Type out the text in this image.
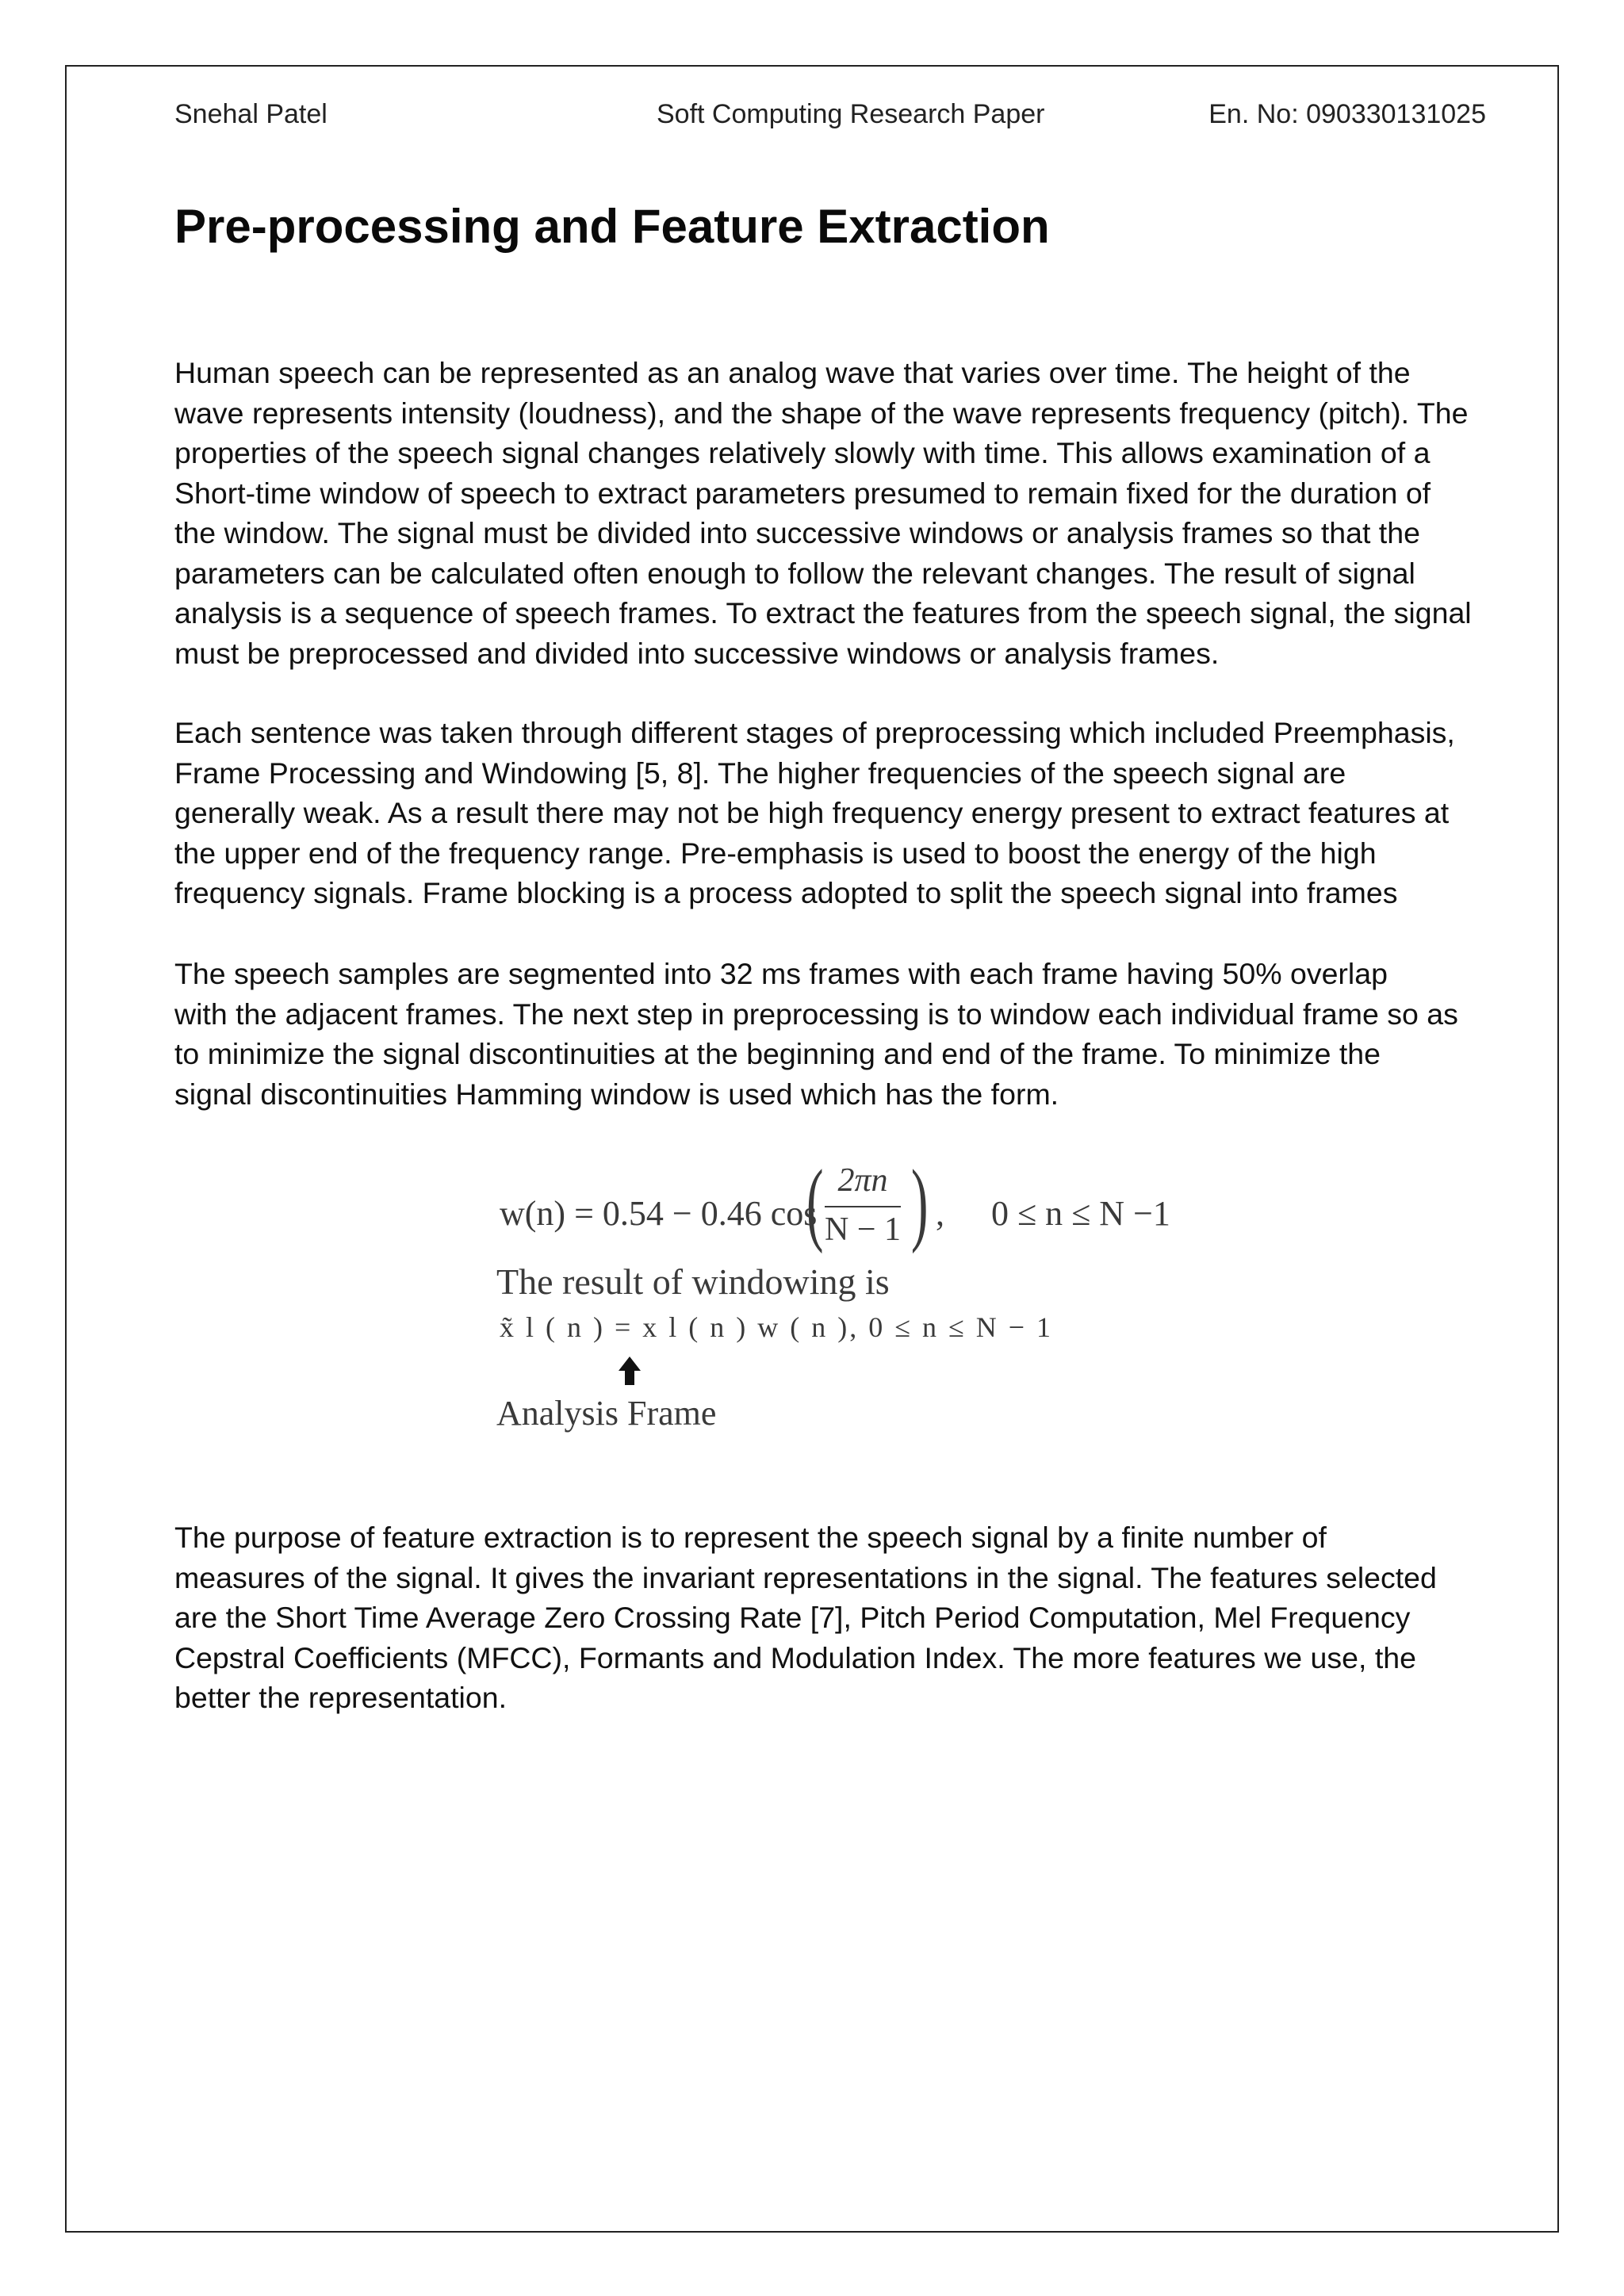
Snehal Patel	Soft Computing Research Paper	En. No: 090330131025
Pre-processing and Feature Extraction

Human speech can be represented as an analog wave that varies over time. The height of the
wave represents intensity (loudness), and the shape of the wave represents frequency (pitch). The
properties of the speech signal changes relatively slowly with time. This allows examination of a
Short-time window of speech to extract parameters presumed to remain fixed for the duration of
the window. The signal must be divided into successive windows or analysis frames so that the
parameters can be calculated often enough to follow the relevant changes. The result of signal
analysis is a sequence of speech frames. To extract the features from the speech signal, the signal
must be preprocessed and divided into successive windows or analysis frames.

Each sentence was taken through different stages of preprocessing which included Preemphasis,
Frame Processing and Windowing [5, 8]. The higher frequencies of the speech signal are
generally weak. As a result there may not be high frequency energy present to extract features at
the upper end of the frequency range. Pre-emphasis is used to boost the energy of the high
frequency signals. Frame blocking is a process adopted to split the speech signal into frames

The speech samples are segmented into 32 ms frames with each frame having 50% overlap
with the adjacent frames. The next step in preprocessing is to window each individual frame so as
to minimize the signal discontinuities at the beginning and end of the frame. To minimize the
signal discontinuities Hamming window is used which has the form.

w(n) = 0.54 − 0.46 cos
( 2πn
N − 1 ) , 0 ≤ n ≤ N −1
The result of windowing is
x̃ l ( n ) = x l ( n ) w ( n ), 0 ≤ n ≤ N − 1
Analysis Frame

The purpose of feature extraction is to represent the speech signal by a finite number of
measures of the signal. It gives the invariant representations in the signal. The features selected
are the Short Time Average Zero Crossing Rate [7], Pitch Period Computation, Mel Frequency
Cepstral Coefficients (MFCC), Formants and Modulation Index. The more features we use, the
better the representation.
